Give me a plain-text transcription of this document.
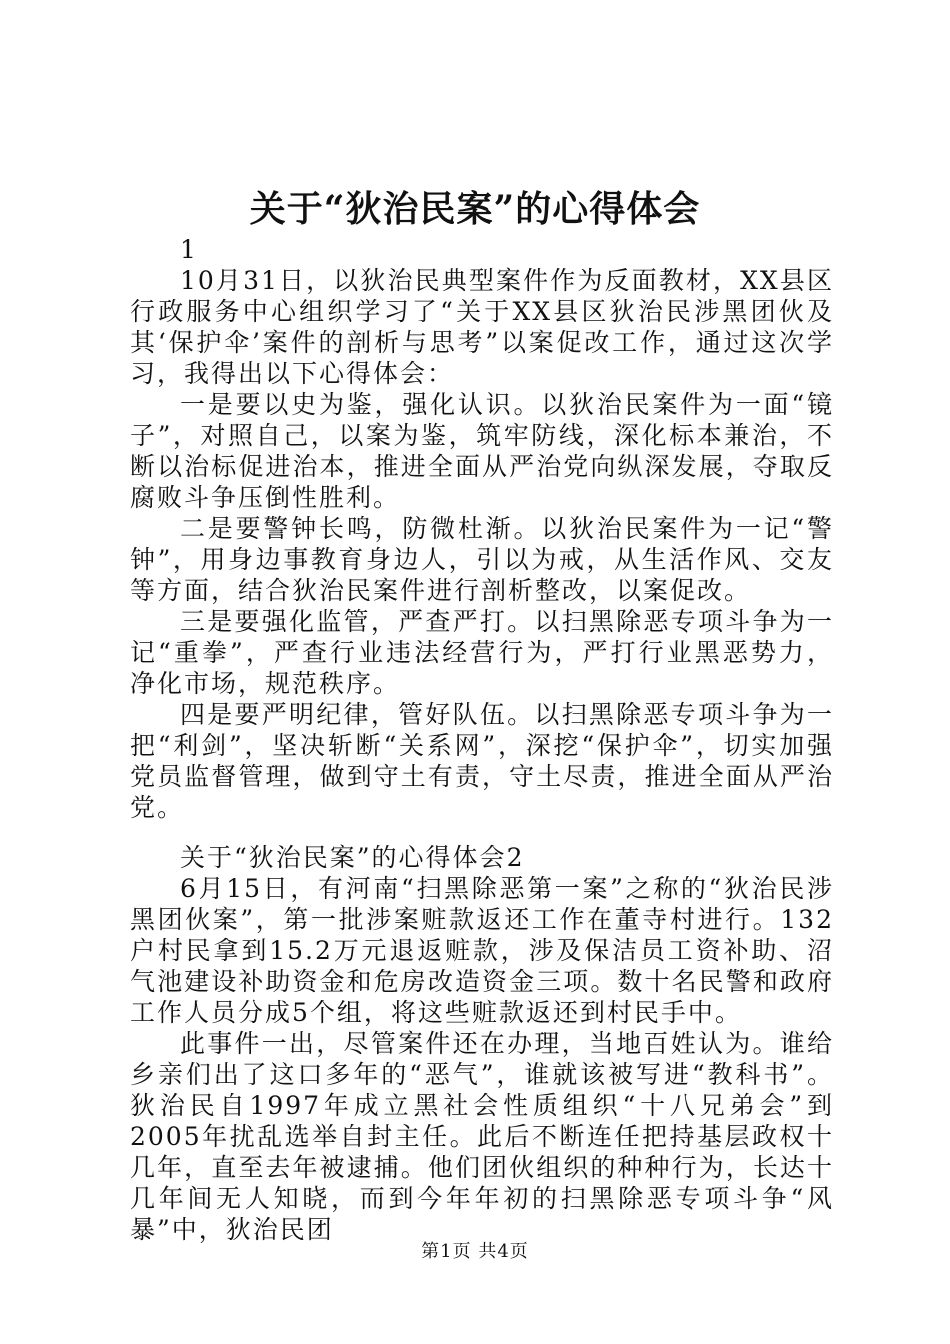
关于“狄治民案”的心得体会

1

10月31日，以狄治民典型案件作为反面教材，XX县区行政服务中心组织学习了“关于XX县区狄治民涉黑团伙及其‘保护伞’案件的剖析与思考”以案促改工作，通过这次学习，我得出以下心得体会：

一是要以史为鉴，强化认识。以狄治民案件为一面“镜子”，对照自己，以案为鉴，筑牢防线，深化标本兼治，不断以治标促进治本，推进全面从严治党向纵深发展，夺取反腐败斗争压倒性胜利。

二是要警钟长鸣，防微杜渐。以狄治民案件为一记“警钟”，用身边事教育身边人，引以为戒，从生活作风、交友等方面，结合狄治民案件进行剖析整改，以案促改。

三是要强化监管，严查严打。以扫黑除恶专项斗争为一记“重拳”，严查行业违法经营行为，严打行业黑恶势力，净化市场，规范秩序。

四是要严明纪律，管好队伍。以扫黑除恶专项斗争为一把“利剑”，坚决斩断“关系网”，深挖“保护伞”，切实加强党员监督管理，做到守土有责，守土尽责，推进全面从严治党。

关于“狄治民案”的心得体会2

6月15日，有河南“扫黑除恶第一案”之称的“狄治民涉黑团伙案”，第一批涉案赃款返还工作在董寺村进行。132户村民拿到15.2万元退返赃款，涉及保洁员工资补助、沼气池建设补助资金和危房改造资金三项。数十名民警和政府工作人员分成5个组，将这些赃款返还到村民手中。

此事件一出，尽管案件还在办理，当地百姓认为。谁给乡亲们出了这口多年的“恶气”，谁就该被写进“教科书”。狄治民自1997年成立黑社会性质组织“十八兄弟会”到2005年扰乱选举自封主任。此后不断连任把持基层政权十几年，直至去年被逮捕。他们团伙组织的种种行为，长达十几年间无人知晓，而到今年年初的扫黑除恶专项斗争“风暴”中，狄治民团

第1页 共4页
